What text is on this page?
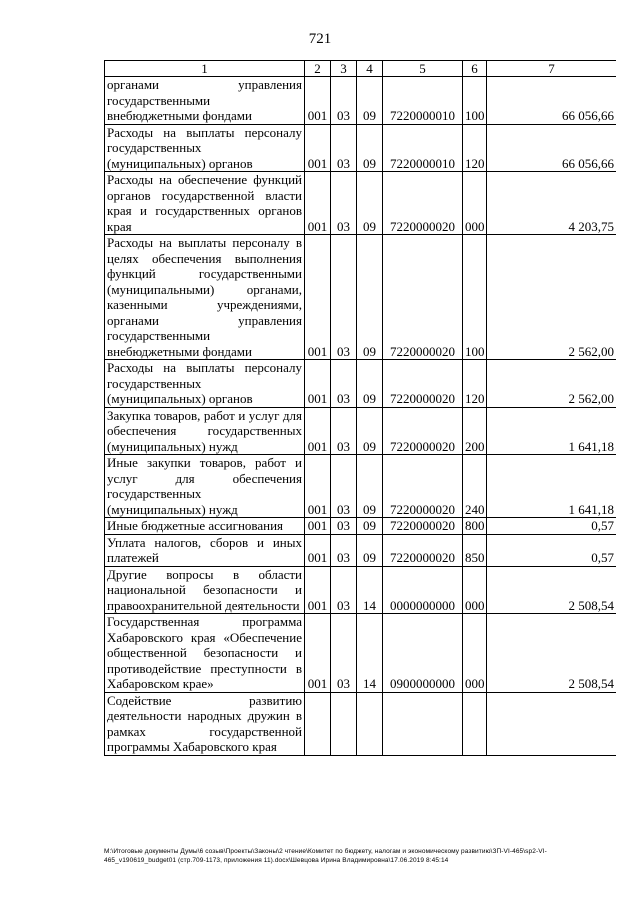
721
1	2	3	4	5	6	7
органами управления государственными внебюджетными фондами	001	03	09	7220000010	100	66 056,66
Расходы на выплаты персоналу государственных (муниципальных) органов	001	03	09	7220000010	120	66 056,66
Расходы на обеспечение функций органов государственной власти края и государственных органов края	001	03	09	7220000020	000	4 203,75
Расходы на выплаты персоналу в целях обеспечения выполнения функций государственными (муниципальными) органами, казенными учреждениями, органами управления государственными внебюджетными фондами	001	03	09	7220000020	100	2 562,00
Расходы на выплаты персоналу государственных (муниципальных) органов	001	03	09	7220000020	120	2 562,00
Закупка товаров, работ и услуг для обеспечения государственных (муниципальных) нужд	001	03	09	7220000020	200	1 641,18
Иные закупки товаров, работ и услуг для обеспечения государственных (муниципальных) нужд	001	03	09	7220000020	240	1 641,18
Иные бюджетные ассигнования	001	03	09	7220000020	800	0,57
Уплата налогов, сборов и иных платежей	001	03	09	7220000020	850	0,57
Другие вопросы в области национальной безопасности и правоохранительной деятельности	001	03	14	0000000000	000	2 508,54
Государственная программа Хабаровского края «Обеспечение общественной безопасности и противодействие преступности в Хабаровском крае»	001	03	14	0900000000	000	2 508,54
Содействие развитию деятельности народных дружин в рамках государственной программы Хабаровского края						
M:\Итоговые документы Думы\6 созыв\Проекты\Законы\2 чтение\Комитет по бюджету, налогам и экономическому развитию\ЗП-VI-465\sp2-VI-465_v190619_budget01 (стр.709-1173, приложения 11).docx\Шевцова Ирина Владимировна\17.06.2019 8:45:14
